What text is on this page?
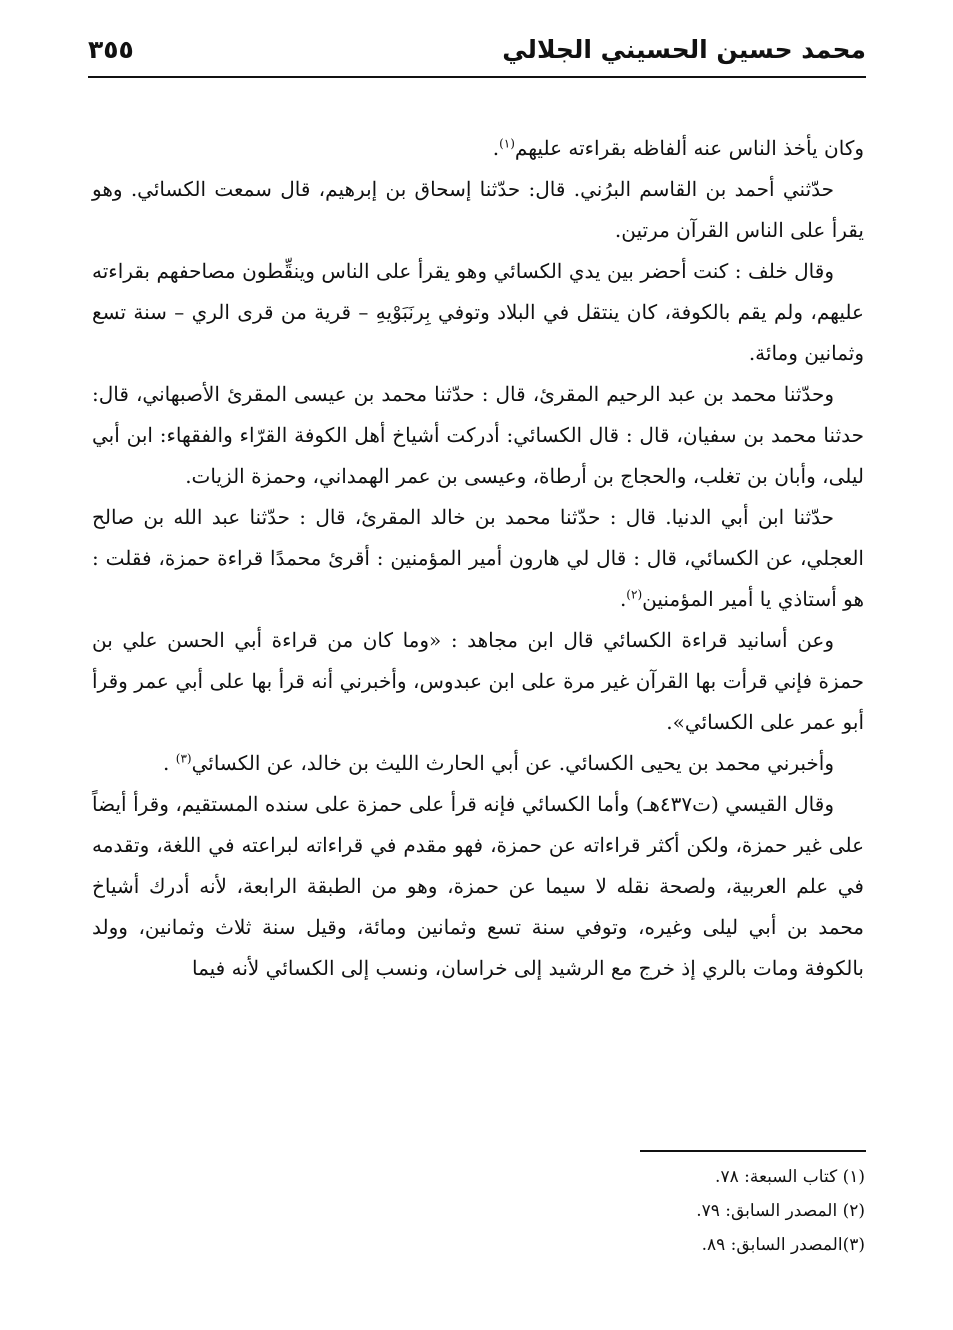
محمد حسين الحسيني الجلالي
٣٥٥

وكان يأخذ الناس عنه ألفاظه بقراءته عليهم$^{(١)}$.

حدّثني أحمد بن القاسم البرُني. قال: حدّثنا إسحاق بن إبرهيم، قال سمعت الكسائي. وهو يقرأ على الناس القرآن مرتين.

وقال خلف : كنت أحضر بين يدي الكسائي وهو يقرأ على الناس وينقِّطون مصاحفهم بقراءته عليهم، ولم يقم بالكوفة، كان ينتقل في البلاد وتوفي بِرنَبَوْيهِ – قرية من قرى الري – سنة تسع وثمانين ومائة.

وحدّثنا محمد بن عبد الرحيم المقرئ، قال : حدّثنا محمد بن عيسى المقرئ الأصبهاني، قال: حدثنا محمد بن سفيان، قال : قال الكسائي: أدركت أشياخ أهل الكوفة القرّاء والفقهاء: ابن أبي ليلى، وأبان بن تغلب، والحجاج بن أرطاة، وعيسى بن عمر الهمداني، وحمزة الزيات.

حدّثنا ابن أبي الدنيا. قال : حدّثنا محمد بن خالد المقرئ، قال : حدّثنا عبد الله بن صالح العجلي، عن الكسائي، قال : قال لي هارون أمير المؤمنين : أقرئ محمدًا قراءة حمزة، فقلت : هو أستاذي يا أمير المؤمنين$^{(٢)}$.

وعن أسانيد قراءة الكسائي قال ابن مجاهد : «وما كان من قراءة أبي الحسن علي بن حمزة فإني قرأت بها القرآن غير مرة على ابن عبدوس، وأخبرني أنه قرأ بها على أبي عمر وقرأ أبو عمر على الكسائي».

وأخبرني محمد بن يحيى الكسائي. عن أبي الحارث الليث بن خالد، عن الكسائي$^{(٣)}$ .

وقال القيسي (ت٤٣٧هـ) وأما الكسائي فإنه قرأ على حمزة على سنده المستقيم، وقرأ أيضاً على غير حمزة، ولكن أكثر قراءاته عن حمزة، فهو مقدم في قراءاته لبراعته في اللغة، وتقدمه في علم العربية، ولصحة نقله لا سيما عن حمزة، وهو من الطبقة الرابعة، لأنه أدرك أشياخ محمد بن أبي ليلى وغيره، وتوفي سنة تسع وثمانين ومائة، وقيل سنة ثلاث وثمانين، وولد بالكوفة ومات بالري إذ خرج مع الرشيد إلى خراسان، ونسب إلى الكسائي لأنه فيما

(١) كتاب السبعة: ٧٨.

(٢) المصدر السابق: ٧٩.

(٣)المصدر السابق: ٨٩.
